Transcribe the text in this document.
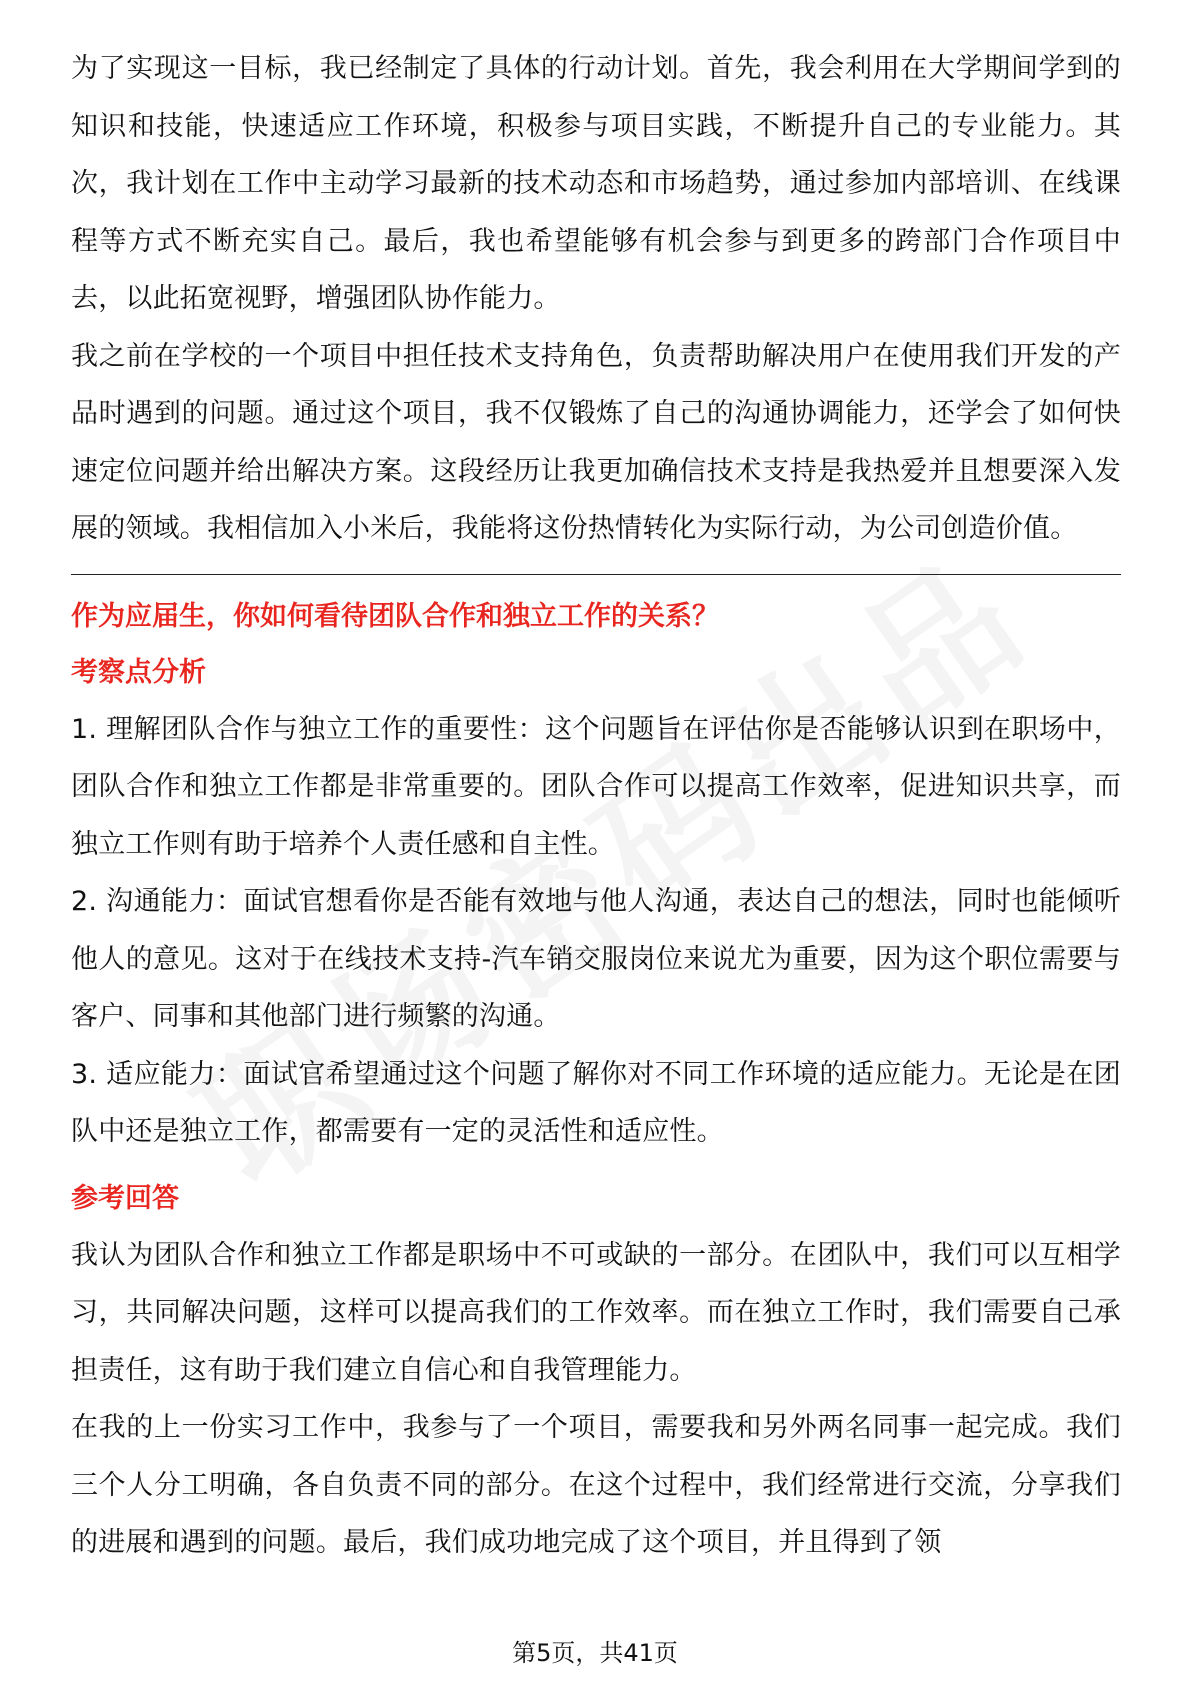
为了实现这一目标，我已经制定了具体的行动计划。首先，我会利用在大学期间学到的知识和技能，快速适应工作环境，积极参与项目实践，不断提升自己的专业能力。其次，我计划在工作中主动学习最新的技术动态和市场趋势，通过参加内部培训、在线课程等方式不断充实自己。最后，我也希望能够有机会参与到更多的跨部门合作项目中去，以此拓宽视野，增强团队协作能力。

我之前在学校的一个项目中担任技术支持角色，负责帮助解决用户在使用我们开发的产品时遇到的问题。通过这个项目，我不仅锻炼了自己的沟通协调能力，还学会了如何快速定位问题并给出解决方案。这段经历让我更加确信技术支持是我热爱并且想要深入发展的领域。我相信加入小米后，我能将这份热情转化为实际行动，为公司创造价值。

作为应届生，你如何看待团队合作和独立工作的关系？

考察点分析

1. 理解团队合作与独立工作的重要性：这个问题旨在评估你是否能够认识到在职场中，团队合作和独立工作都是非常重要的。团队合作可以提高工作效率，促进知识共享，而独立工作则有助于培养个人责任感和自主性。

2. 沟通能力：面试官想看你是否能有效地与他人沟通，表达自己的想法，同时也能倾听他人的意见。这对于在线技术支持-汽车销交服岗位来说尤为重要，因为这个职位需要与客户、同事和其他部门进行频繁的沟通。

3. 适应能力：面试官希望通过这个问题了解你对不同工作环境的适应能力。无论是在团队中还是独立工作，都需要有一定的灵活性和适应性。

参考回答

我认为团队合作和独立工作都是职场中不可或缺的一部分。在团队中，我们可以互相学习，共同解决问题，这样可以提高我们的工作效率。而在独立工作时，我们需要自己承担责任，这有助于我们建立自信心和自我管理能力。

在我的上一份实习工作中，我参与了一个项目，需要我和另外两名同事一起完成。我们三个人分工明确，各自负责不同的部分。在这个过程中，我们经常进行交流，分享我们的进展和遇到的问题。最后，我们成功地完成了这个项目，并且得到了领

第5页，共41页
